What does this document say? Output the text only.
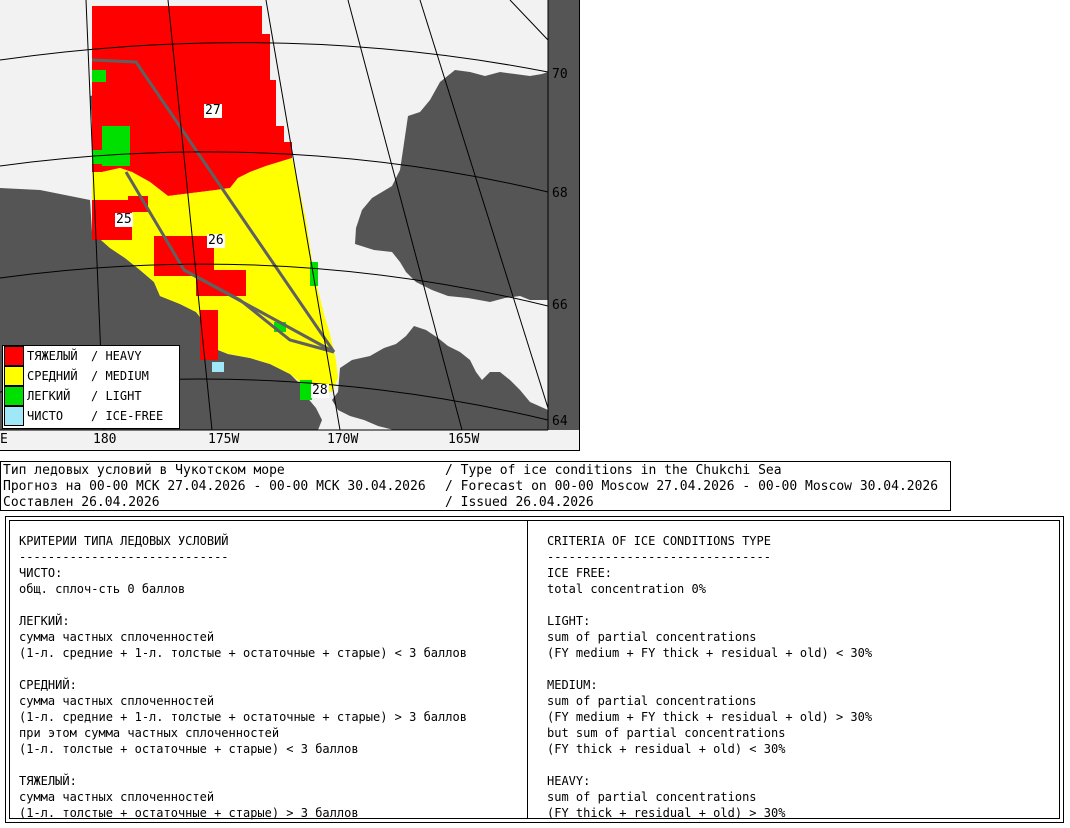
70
68
66
64
E	180	175W	170W	165W
27
25
26
28
ТЯЖЕЛЫЙ / HEAVY
СРЕДНИЙ / MEDIUM
ЛЕГКИЙ / LIGHT
ЧИСТО / ICE-FREE
Тип ледовых условий в Чукотском море	/ Type of ice conditions in the Chukchi Sea
Прогноз на 00-00 МСК 27.04.2026 - 00-00 МСК 30.04.2026 / Forecast on 00-00 Moscow 27.04.2026 - 00-00 Moscow 30.04.2026
Составлен 26.04.2026	/ Issued 26.04.2026
КРИТЕРИИ ТИПА ЛЕДОВЫХ УСЛОВИЙ
-----------------------------
ЧИСТО:
общ. сплоч-сть 0 баллов
ЛЕГКИЙ:
сумма частных сплоченностей
(1-л. средние + 1-л. толстые + остаточные + старые) < 3 баллов
СРЕДНИЙ:
сумма частных сплоченностей
(1-л. средние + 1-л. толстые + остаточные + старые) > 3 баллов
при этом сумма частных сплоченностей
(1-л. толстые + остаточные + старые) < 3 баллов
ТЯЖЕЛЫЙ:
сумма частных сплоченностей
(1-л. толстые + остаточные + старые) > 3 баллов
CRITERIA OF ICE CONDITIONS TYPE
-------------------------------
ICE FREE:
total concentration 0%
LIGHT:
sum of partial concentrations
(FY medium + FY thick + residual + old) < 30%
MEDIUM:
sum of partial concentrations
(FY medium + FY thick + residual + old) > 30%
but sum of partial concentrations
(FY thick + residual + old) < 30%
HEAVY:
sum of partial concentrations
(FY thick + residual + old) > 30%
